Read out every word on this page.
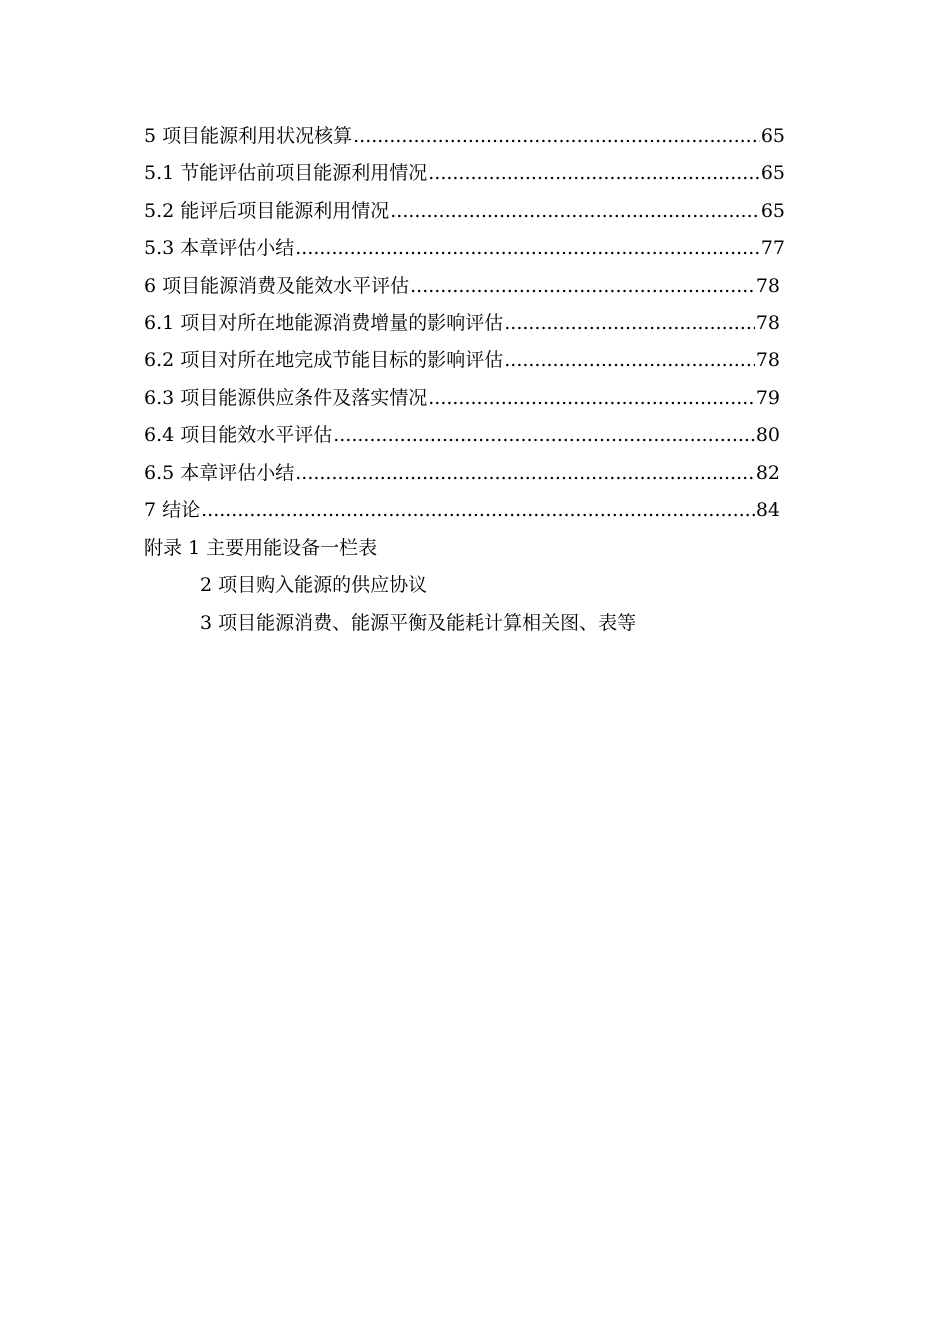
5 项目能源利用状况核算 .....	65
5.1 节能评估前项目能源利用情况 .....	65
5.2 能评后项目能源利用情况 .....	65
5.3 本章评估小结 .....	77
6 项目能源消费及能效水平评估 .....	78
6.1 项目对所在地能源消费增量的影响评估 .....	78
6.2 项目对所在地完成节能目标的影响评估 .....	78
6.3 项目能源供应条件及落实情况 .....	79
6.4 项目能效水平评估 .....	80
6.5 本章评估小结 .....	82
7 结论 .....	84
附录 1 主要用能设备一栏表
2 项目购入能源的供应协议
3 项目能源消费、能源平衡及能耗计算相关图、表等
